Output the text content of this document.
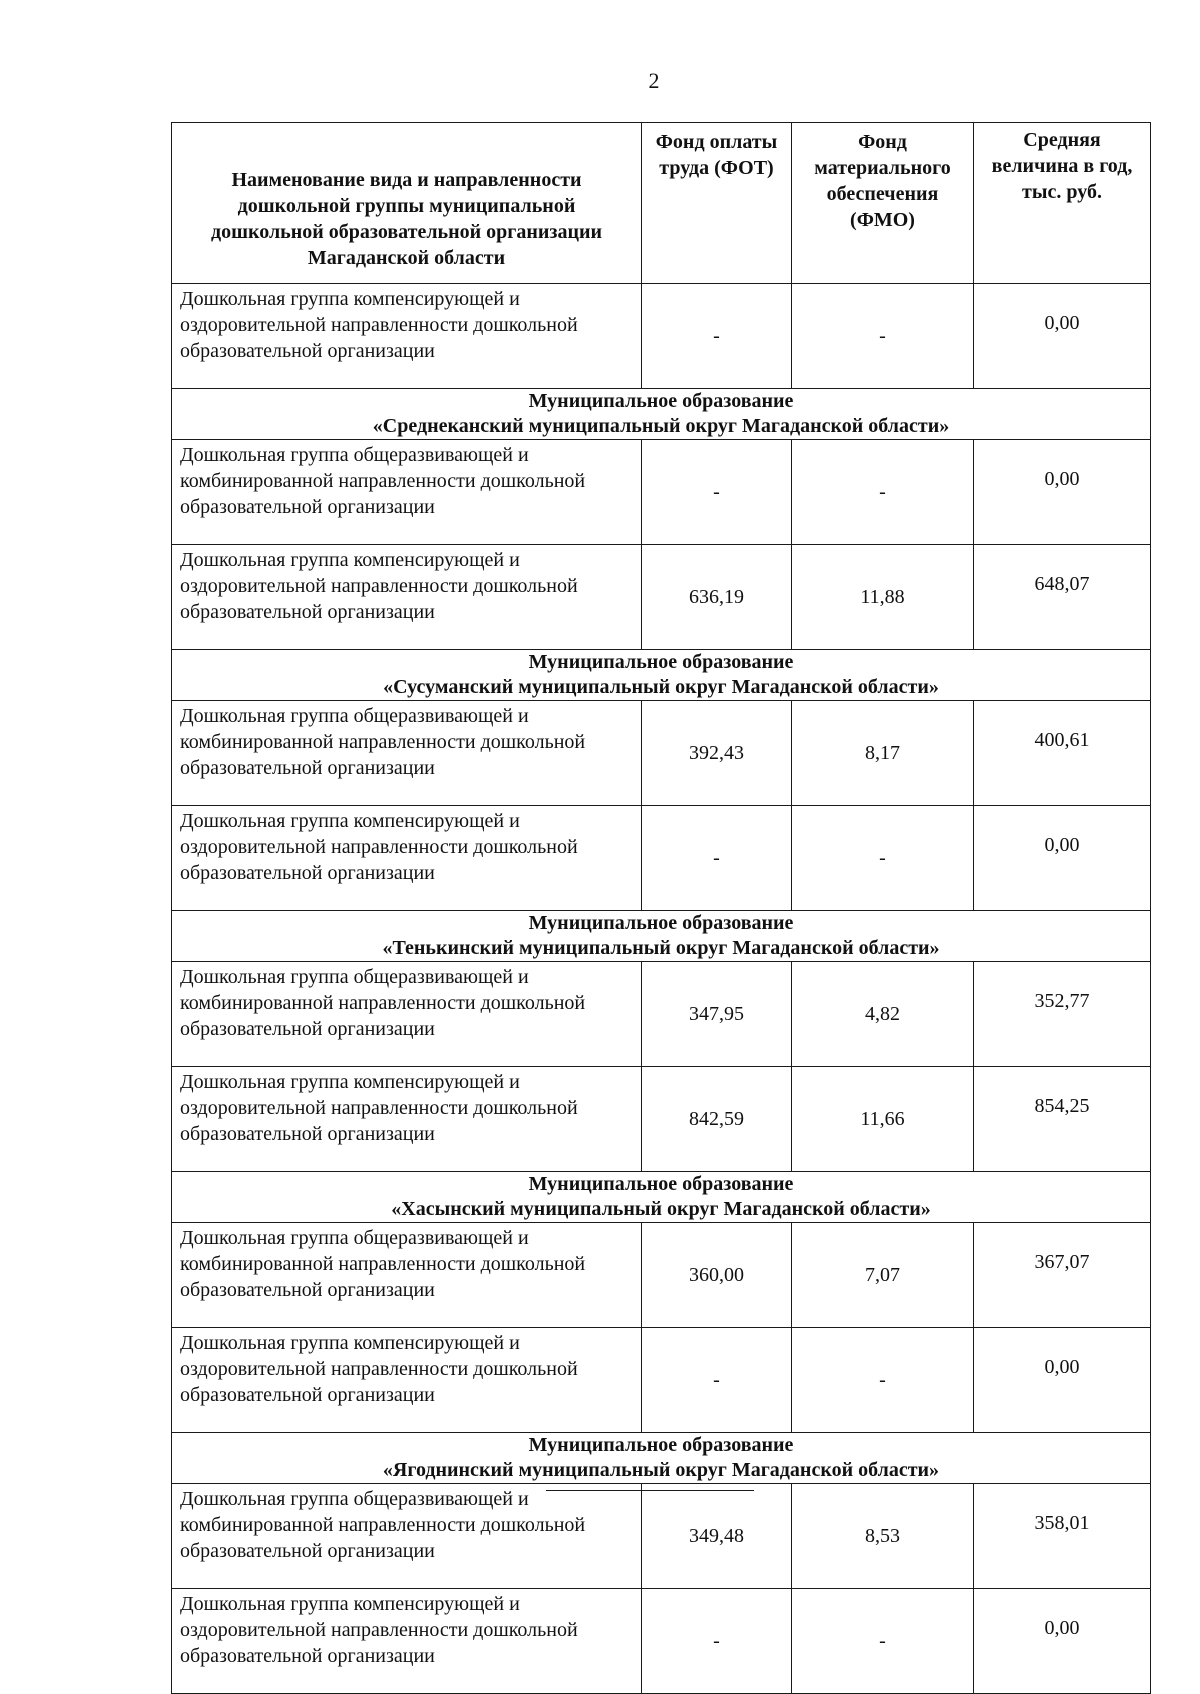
2
Наименование вида и направленности дошкольной группы муниципальной дошкольной образовательной организации Магаданской области	Фонд оплаты труда (ФОТ)	Фонд материального обеспечения (ФМО)	Средняя величина в год, тыс. руб.
Дошкольная группа компенсирующей и оздоровительной направленности дошкольной образовательной организации	-	-	0,00

Муниципальное образование
«Среднеканский муниципальный округ Магаданской области»			

Дошкольная группа общеразвивающей и комбинированной направленности дошкольной образовательной организации	-	-	0,00
Дошкольная группа компенсирующей и оздоровительной направленности дошкольной образовательной организации	636,19	11,88	648,07

Муниципальное образование
«Сусуманский муниципальный округ Магаданской области»			

Дошкольная группа общеразвивающей и комбинированной направленности дошкольной образовательной организации	392,43	8,17	400,61
Дошкольная группа компенсирующей и оздоровительной направленности дошкольной образовательной организации	-	-	0,00

Муниципальное образование
«Тенькинский муниципальный округ Магаданской области»			

Дошкольная группа общеразвивающей и комбинированной направленности дошкольной образовательной организации	347,95	4,82	352,77
Дошкольная группа компенсирующей и оздоровительной направленности дошкольной образовательной организации	842,59	11,66	854,25

Муниципальное образование
«Хасынский муниципальный округ Магаданской области»			

Дошкольная группа общеразвивающей и комбинированной направленности дошкольной образовательной организации	360,00	7,07	367,07
Дошкольная группа компенсирующей и оздоровительной направленности дошкольной образовательной организации	-	-	0,00

Муниципальное образование
«Ягоднинский муниципальный округ Магаданской области»			

Дошкольная группа общеразвивающей и комбинированной направленности дошкольной образовательной организации	349,48	8,53	358,01
Дошкольная группа компенсирующей и оздоровительной направленности дошкольной образовательной организации	-	-	0,00
